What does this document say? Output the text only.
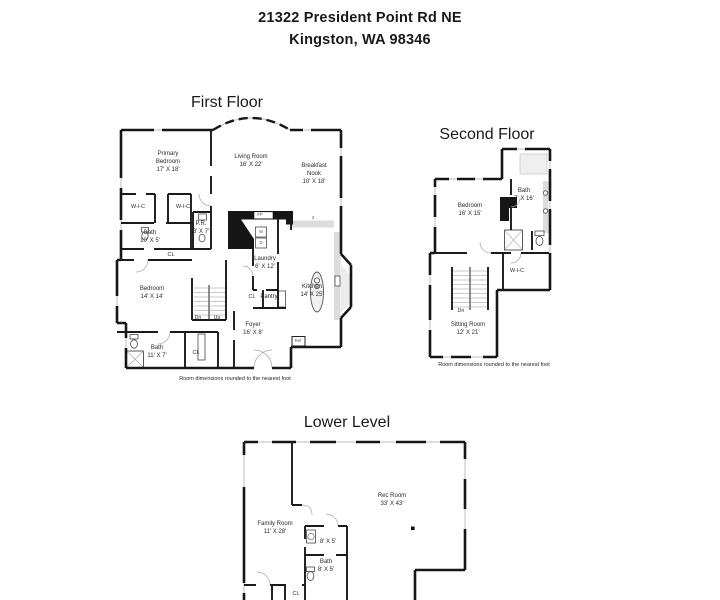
21322 President Point Rd NE
Kingston, WA 98346
First Floor
Second Floor
Lower Level
Primary Bedroom
17' X 18'
Living Room
16' X 22'	Breakfast Nook
10' X 18'
W-I-C	W-I-C
Bath
10' X 5'
P.R.
3' X 7'
CL
Bedroom
14' X 14'
Bath
11' X 7'	CL
Laundry
6' X 12'
CL Pantry
Kitchen
14' X 25'
Foyer
16' X 8'
FP
Dn Up
Ref
W
D
2
Room dimensions rounded to the nearest foot
Bedroom
16' X 15'
Bath
7' X 16'
W-I-C
Sitting Room
12' X 21'
Dn
Room dimensions rounded to the nearest foot
Rec Room
33' X 43'
Family Room
11' X 28'
8' X 5'
Bath
8' X 5'
CL
